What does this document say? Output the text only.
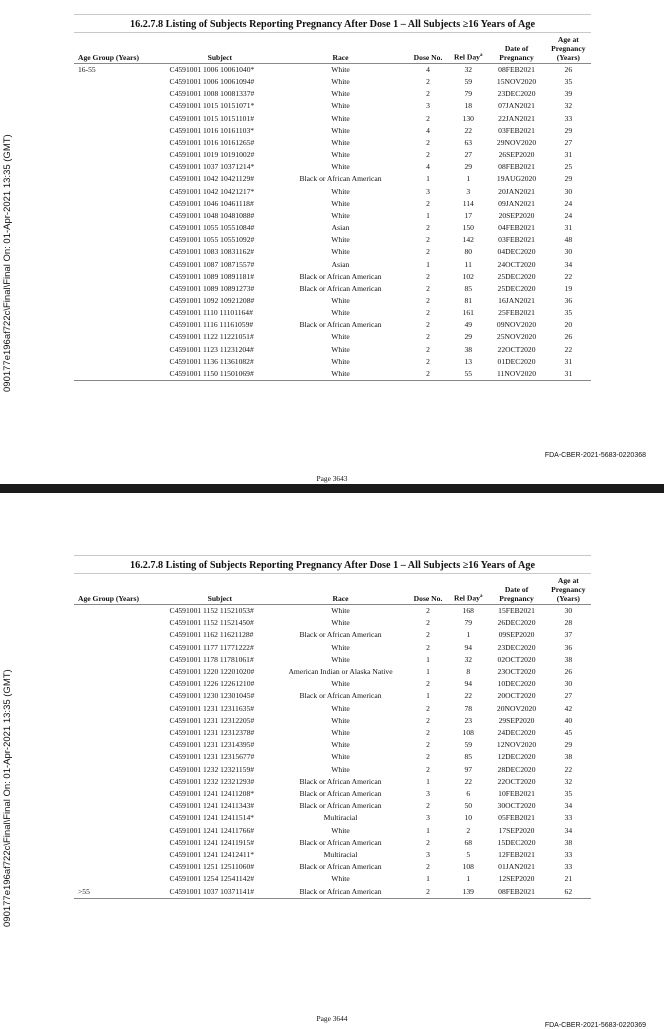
090177e196af722c\Final\Final On: 01-Apr-2021 13:35 (GMT)
16.2.7.8 Listing of Subjects Reporting Pregnancy After Dose 1 – All Subjects ≥16 Years of Age
Age Group (Years)	Subject	Race	Dose No.	Rel Day$^a$	Date of Pregnancy	Age at Pregnancy (Years)
16-55	C4591001 1006 10061040*	White	4	32	08FEB2021	26
	C4591001 1006 10061094#	White	2	59	15NOV2020	35
	C4591001 1008 10081337#	White	2	79	23DEC2020	39
	C4591001 1015 10151071*	White	3	18	07JAN2021	32
	C4591001 1015 10151101#	White	2	130	22JAN2021	33
	C4591001 1016 10161103*	White	4	22	03FEB2021	29
	C4591001 1016 10161265#	White	2	63	29NOV2020	27
	C4591001 1019 10191002#	White	2	27	26SEP2020	31
	C4591001 1037 10371214*	White	4	29	08FEB2021	25
	C4591001 1042 10421129#	Black or African American	1	1	19AUG2020	29
	C4591001 1042 10421217*	White	3	3	20JAN2021	30
	C4591001 1046 10461118#	White	2	114	09JAN2021	24
	C4591001 1048 10481088#	White	1	17	20SEP2020	24
	C4591001 1055 10551084#	Asian	2	150	04FEB2021	31
	C4591001 1055 10551092#	White	2	142	03FEB2021	48
	C4591001 1083 10831162#	White	2	80	04DEC2020	30
	C4591001 1087 10871557#	Asian	1	11	24OCT2020	34
	C4591001 1089 10891181#	Black or African American	2	102	25DEC2020	22
	C4591001 1089 10891273#	Black or African American	2	85	25DEC2020	19
	C4591001 1092 10921208#	White	2	81	16JAN2021	36
	C4591001 1110 11101164#	White	2	161	25FEB2021	35
	C4591001 1116 11161059#	Black or African American	2	49	09NOV2020	20
	C4591001 1122 11221051#	White	2	29	25NOV2020	26
	C4591001 1123 11231204#	White	2	38	22OCT2020	22
	C4591001 1136 11361082#	White	2	13	01DEC2020	31
	C4591001 1150 11501069#	White	2	55	11NOV2020	31
FDA-CBER-2021-5683-0220368
Page 3643
090177e196af722c\Final\Final On: 01-Apr-2021 13:35 (GMT)
16.2.7.8 Listing of Subjects Reporting Pregnancy After Dose 1 – All Subjects ≥16 Years of Age
Age Group (Years)	Subject	Race	Dose No.	Rel Day$^a$	Date of Pregnancy	Age at Pregnancy (Years)
	C4591001 1152 11521053#	White	2	168	15FEB2021	30
	C4591001 1152 11521450#	White	2	79	26DEC2020	28
	C4591001 1162 11621128#	Black or African American	2	1	09SEP2020	37
	C4591001 1177 11771222#	White	2	94	23DEC2020	36
	C4591001 1178 11781061#	White	1	32	02OCT2020	38
	C4591001 1220 12201020#	American Indian or Alaska Native	1	8	23OCT2020	26
	C4591001 1226 12261210#	White	2	94	10DEC2020	30
	C4591001 1230 12301045#	Black or African American	1	22	20OCT2020	27
	C4591001 1231 12311635#	White	2	78	20NOV2020	42
	C4591001 1231 12312205#	White	2	23	29SEP2020	40
	C4591001 1231 12312378#	White	2	108	24DEC2020	45
	C4591001 1231 12314395#	White	2	59	12NOV2020	29
	C4591001 1231 12315677#	White	2	85	12DEC2020	38
	C4591001 1232 12321159#	White	2	97	28DEC2020	22
	C4591001 1232 12321293#	Black or African American	1	22	22OCT2020	32
	C4591001 1241 12411208*	Black or African American	3	6	10FEB2021	35
	C4591001 1241 12411343#	Black or African American	2	50	30OCT2020	34
	C4591001 1241 12411514*	Multiracial	3	10	05FEB2021	33
	C4591001 1241 12411766#	White	1	2	17SEP2020	34
	C4591001 1241 12411915#	Black or African American	2	68	15DEC2020	38
	C4591001 1241 12412411*	Multiracial	3	5	12FEB2021	33
	C4591001 1251 12511060#	Black or African American	2	108	01JAN2021	33
	C4591001 1254 12541142#	White	1	1	12SEP2020	21
>55	C4591001 1037 10371141#	Black or African American	2	139	08FEB2021	62
FDA-CBER-2021-5683-0220369
Page 3644
